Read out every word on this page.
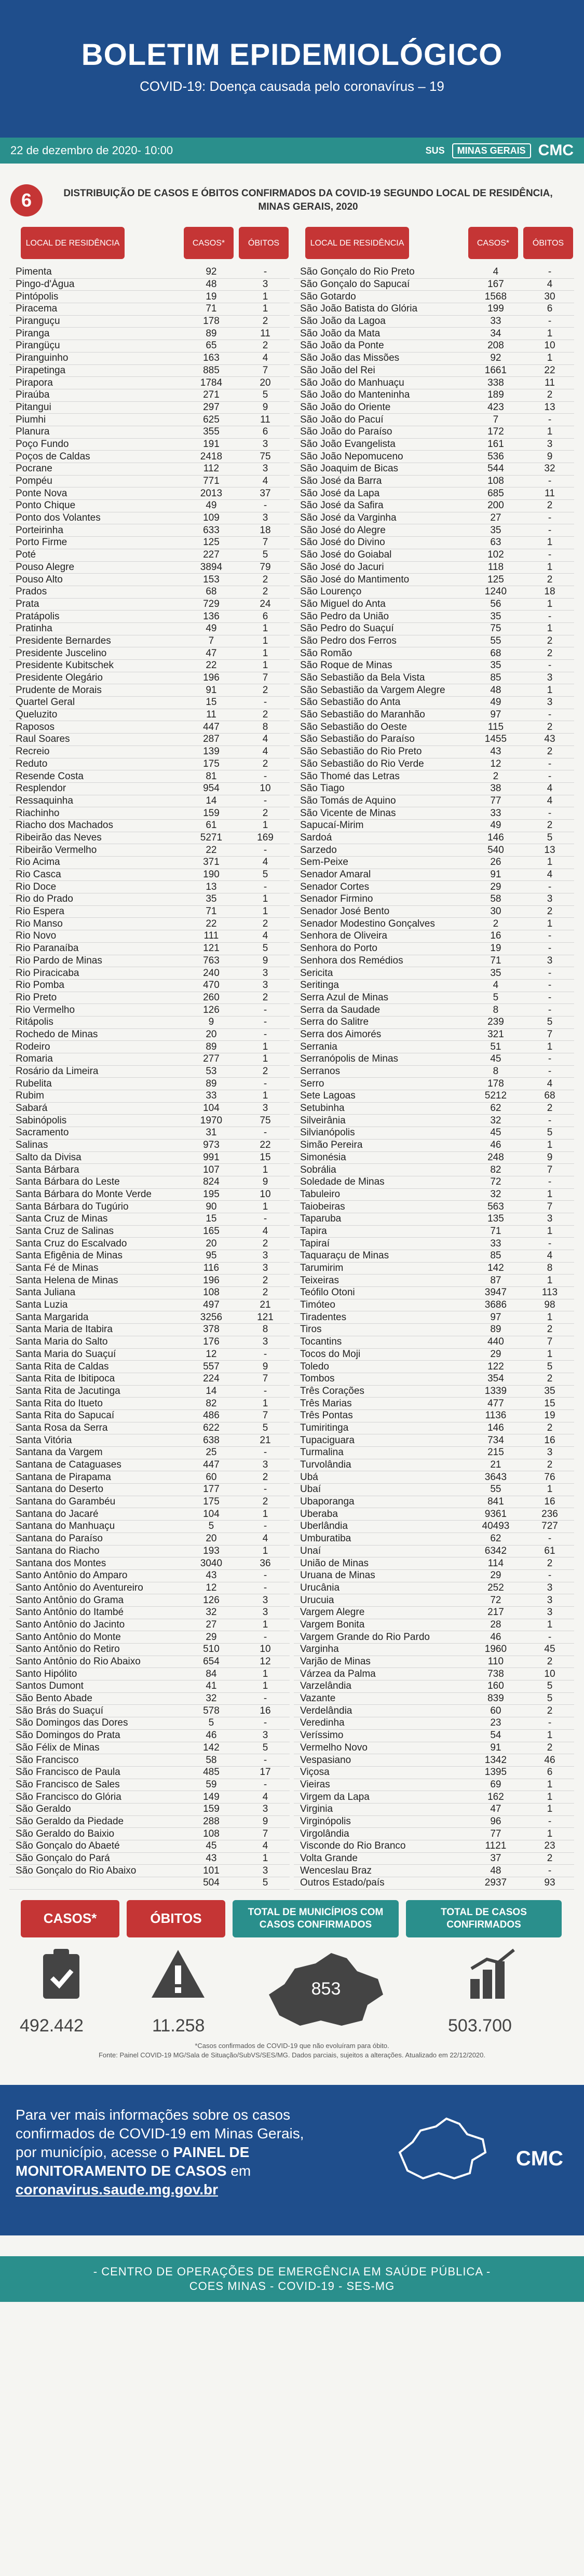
BOLETIM EPIDEMIOLÓGICO
COVID-19: Doença causada pelo coronavírus – 19
22 de dezembro de 2020- 10:00	SUS	MINAS GERAIS CMC
6	DISTRIBUIÇÃO DE CASOS E ÓBITOS CONFIRMADOS DA COVID-19 SEGUNDO LOCAL DE RESIDÊNCIA, MINAS GERAIS, 2020
LOCAL DE RESIDÊNCIA	CASOS*	ÓBITOS
Pimenta	92	-
Pingo-d'Água	48	3
Pintópolis	19	1
Piracema	71	1
Piranguçu	178	2
Piranga	89	11
Pirangüçu	65	2
Piranguinho	163	4
Pirapetinga	885	7
Pirapora	1784	20
Piraúba	271	5
Pitangui	297	9
Piumhi	625	11
Planura	355	6
Poço Fundo	191	3
Poços de Caldas	2418	75
Pocrane	112	3
Pompéu	771	4
Ponte Nova	2013	37
Ponto Chique	49	-
Ponto dos Volantes	109	3
Porteirinha	633	18
Porto Firme	125	7
Poté	227	5
Pouso Alegre	3894	79
Pouso Alto	153	2
Prados	68	2
Prata	729	24
Pratápolis	136	6
Pratinha	49	1
Presidente Bernardes	7	1
Presidente Juscelino	47	1
Presidente Kubitschek	22	1
Presidente Olegário	196	7
Prudente de Morais	91	2
Quartel Geral	15	-
Queluzito	11	2
Raposos	447	8
Raul Soares	287	4
Recreio	139	4
Reduto	175	2
Resende Costa	81	-
Resplendor	954	10
Ressaquinha	14	-
Riachinho	159	2
Riacho dos Machados	61	1
Ribeirão das Neves	5271	169
Ribeirão Vermelho	22	-
Rio Acima	371	4
Rio Casca	190	5
Rio Doce	13	-
Rio do Prado	35	1
Rio Espera	71	1
Rio Manso	22	2
Rio Novo	111	4
Rio Paranaíba	121	5
Rio Pardo de Minas	763	9
Rio Piracicaba	240	3
Rio Pomba	470	3
Rio Preto	260	2
Rio Vermelho	126	-
Ritápolis	9	-
Rochedo de Minas	20	-
Rodeiro	89	1
Romaria	277	1
Rosário da Limeira	53	2
Rubelita	89	-
Rubim	33	1
Sabará	104	3
Sabinópolis	1970	75
Sacramento	31	-
Salinas	973	22
Salto da Divisa	991	15
Santa Bárbara	107	1
Santa Bárbara do Leste	824	9
Santa Bárbara do Monte Verde	195	10
Santa Bárbara do Tugúrio	90	1
Santa Cruz de Minas	15	-
Santa Cruz de Salinas	165	4
Santa Cruz do Escalvado	20	2
Santa Efigênia de Minas	95	3
Santa Fé de Minas	116	3
Santa Helena de Minas	196	2
Santa Juliana	108	2
Santa Luzia	497	21
Santa Margarida	3256	121
Santa Maria de Itabira	378	8
Santa Maria do Salto	176	3
Santa Maria do Suaçuí	12	-
Santa Rita de Caldas	557	9
Santa Rita de Ibitipoca	224	7
Santa Rita de Jacutinga	14	-
Santa Rita do Itueto	82	1
Santa Rita do Sapucaí	486	7
Santa Rosa da Serra	622	5
Santa Vitória	638	21
Santana da Vargem	25	-
Santana de Cataguases	447	3
Santana de Pirapama	60	2
Santana do Deserto	177	-
Santana do Garambéu	175	2
Santana do Jacaré	104	1
Santana do Manhuaçu	5	-
Santana do Paraíso	20	4
Santana do Riacho	193	1
Santana dos Montes	3040	36
Santo Antônio do Amparo	43	-
Santo Antônio do Aventureiro	12	-
Santo Antônio do Grama	126	3
Santo Antônio do Itambé	32	3
Santo Antônio do Jacinto	27	1
Santo Antônio do Monte	29	-
Santo Antônio do Retiro	510	10
Santo Antônio do Rio Abaixo	654	12
Santo Hipólito	84	1
Santos Dumont	41	1
São Bento Abade	32	-
São Brás do Suaçuí	578	16
São Domingos das Dores	5	-
São Domingos do Prata	46	3
São Félix de Minas	142	5
São Francisco	58	-
São Francisco de Paula	485	17
São Francisco de Sales	59	-
São Francisco do Glória	149	4
São Geraldo	159	3
São Geraldo da Piedade	288	9
São Geraldo do Baixio	108	7
São Gonçalo do Abaeté	45	4
São Gonçalo do Pará	43	1
São Gonçalo do Rio Abaixo	101	3
504	5
LOCAL DE RESIDÊNCIA	CASOS*	ÓBITOS
São Gonçalo do Rio Preto	4	-
São Gonçalo do Sapucaí	167	4
São Gotardo	1568	30
São João Batista do Glória	199	6
São João da Lagoa	33	-
São João da Mata	34	1
São João da Ponte	208	10
São João das Missões	92	1
São João del Rei	1661	22
São João do Manhuaçu	338	11
São João do Manteninha	189	2
São João do Oriente	423	13
São João do Pacuí	7	-
São João do Paraíso	172	1
São João Evangelista	161	3
São João Nepomuceno	536	9
São Joaquim de Bicas	544	32
São José da Barra	108	-
São José da Lapa	685	11
São José da Safira	200	2
São José da Varginha	27	-
São José do Alegre	35	-
São José do Divino	63	1
São José do Goiabal	102	-
São José do Jacuri	118	1
São José do Mantimento	125	2
São Lourenço	1240	18
São Miguel do Anta	56	1
São Pedro da União	35	-
São Pedro do Suaçuí	75	1
São Pedro dos Ferros	55	2
São Romão	68	2
São Roque de Minas	35	-
São Sebastião da Bela Vista	85	3
São Sebastião da Vargem Alegre	48	1
São Sebastião do Anta	49	3
São Sebastião do Maranhão	97	-
São Sebastião do Oeste	115	2
São Sebastião do Paraíso	1455	43
São Sebastião do Rio Preto	43	2
São Sebastião do Rio Verde	12	-
São Thomé das Letras	2	-
São Tiago	38	4
São Tomás de Aquino	77	4
São Vicente de Minas	33	-
Sapucaí-Mirim	49	2
Sardoá	146	5
Sarzedo	540	13
Sem-Peixe	26	1
Senador Amaral	91	4
Senador Cortes	29	-
Senador Firmino	58	3
Senador José Bento	30	2
Senador Modestino Gonçalves	2	1
Senhora de Oliveira	16	-
Senhora do Porto	19	-
Senhora dos Remédios	71	3
Sericita	35	-
Seritinga	4	-
Serra Azul de Minas	5	-
Serra da Saudade	8	-
Serra do Salitre	239	5
Serra dos Aimorés	321	7
Serrania	51	1
Serranópolis de Minas	45	-
Serranos	8	-
Serro	178	4
Sete Lagoas	5212	68
Setubinha	62	2
Silveirânia	32	-
Silvianópolis	45	5
Simão Pereira	46	1
Simonésia	248	9
Sobrália	82	7
Soledade de Minas	72	-
Tabuleiro	32	1
Taiobeiras	563	7
Taparuba	135	3
Tapira	71	1
Tapiraí	33	-
Taquaraçu de Minas	85	4
Tarumirim	142	8
Teixeiras	87	1
Teófilo Otoni	3947	113
Timóteo	3686	98
Tiradentes	97	1
Tiros	89	2
Tocantins	440	7
Tocos do Moji	29	1
Toledo	122	5
Tombos	354	2
Três Corações	1339	35
Três Marias	477	15
Três Pontas	1136	19
Tumiritinga	146	2
Tupaciguara	734	16
Turmalina	215	3
Turvolândia	21	2
Ubá	3643	76
Ubaí	55	1
Ubaporanga	841	16
Uberaba	9361	236
Uberlândia	40493	727
Umburatiba	62	-
Unaí	6342	61
União de Minas	114	2
Uruana de Minas	29	-
Urucânia	252	3
Urucuia	72	3
Vargem Alegre	217	3
Vargem Bonita	28	1
Vargem Grande do Rio Pardo	46	-
Varginha	1960	45
Varjão de Minas	110	2
Várzea da Palma	738	10
Varzelândia	160	5
Vazante	839	5
Verdelândia	60	2
Veredinha	23	-
Veríssimo	54	1
Vermelho Novo	91	2
Vespasiano	1342	46
Viçosa	1395	6
Vieiras	69	1
Virgem da Lapa	162	1
Virginia	47	1
Virginópolis	96	-
Virgolândia	77	1
Visconde do Rio Branco	1121	23
Volta Grande	37	2
Wenceslau Braz	48	-
Outros Estado/país	2937	93
CASOS*	ÓBITOS	TOTAL DE MUNICÍPIOS COM CASOS CONFIRMADOS
TOTAL DE CASOS CONFIRMADOS
492.442	11.258
853
503.700
*Casos confirmados de COVID-19 que não evoluíram para óbito.
Fonte: Painel COVID-19 MG/Sala de Situação/SubVS/SES/MG. Dados parciais, sujeitos a alterações. Atualizado em 22/12/2020.

Para ver mais informações sobre os casos confirmados de COVID-19 em Minas Gerais, por município, acesse o PAINEL DE MONITORAMENTO DE CASOS em coronavirus.saude.mg.gov.br

CMC
- CENTRO DE OPERAÇÕES DE EMERGÊNCIA EM SAÚDE PÚBLICA -
COES MINAS - COVID-19 - SES-MG
